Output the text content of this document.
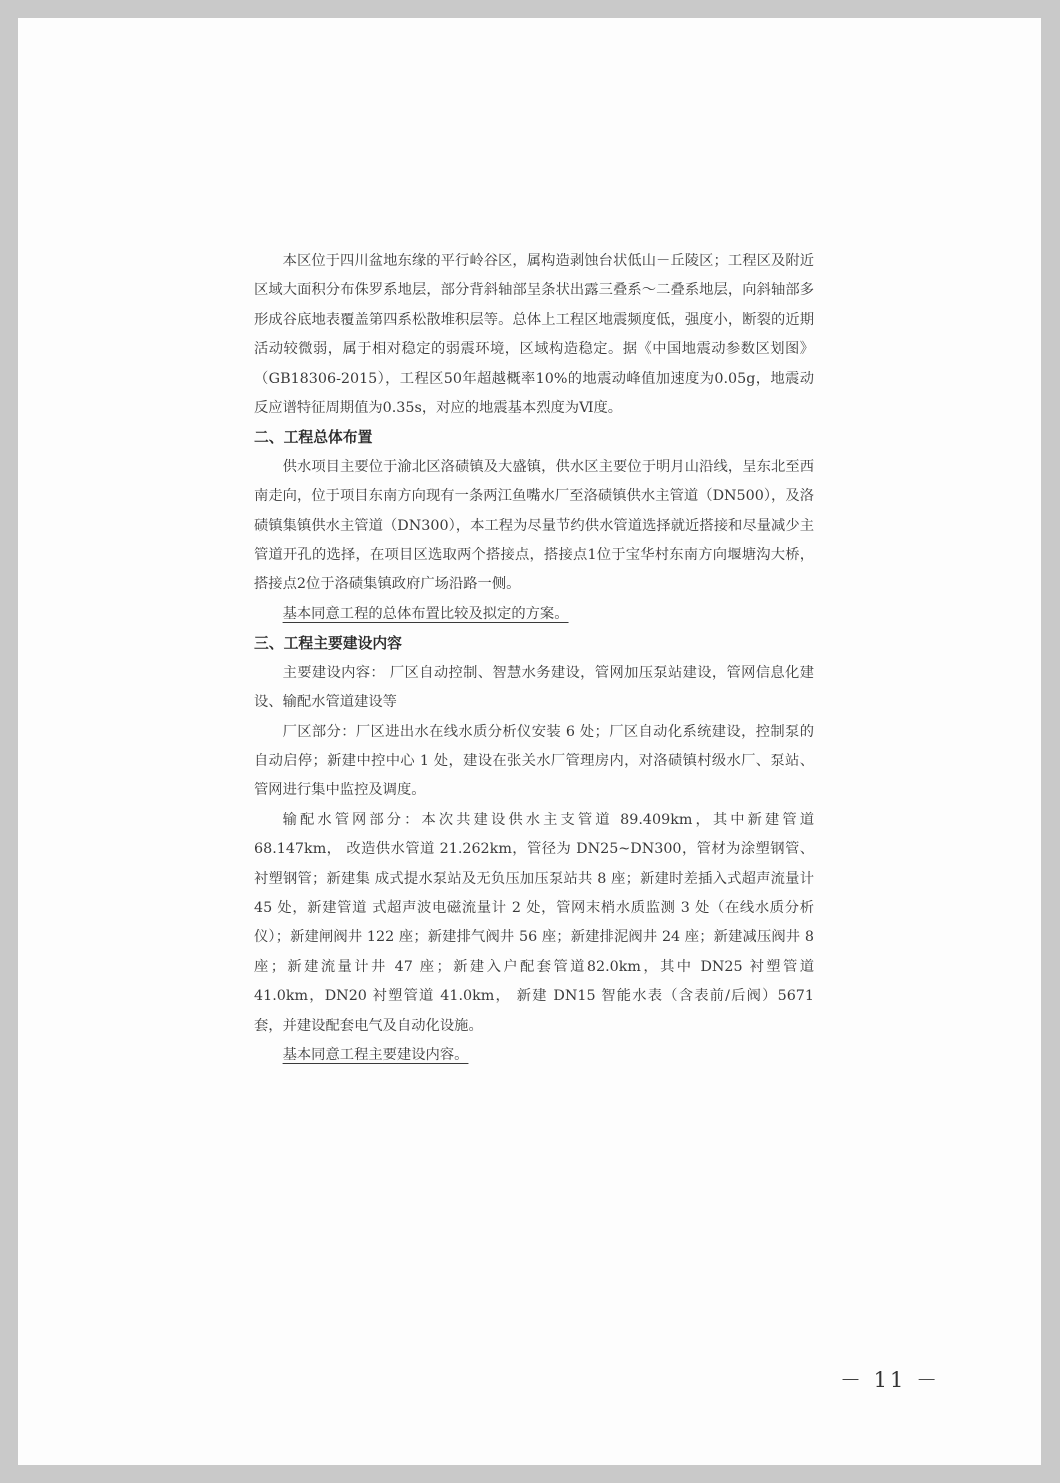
本区位于四川盆地东缘的平行岭谷区，属构造剥蚀台状低山－丘陵区；工程区及附近区域大面积分布侏罗系地层，部分背斜轴部呈条状出露三叠系～二叠系地层，向斜轴部多形成谷底地表覆盖第四系松散堆积层等。总体上工程区地震频度低，强度小，断裂的近期活动较微弱，属于相对稳定的弱震环境，区域构造稳定。据《中国地震动参数区划图》（GB18306-2015），工程区50年超越概率10%的地震动峰值加速度为0.05g，地震动反应谱特征周期值为0.35s，对应的地震基本烈度为Ⅵ度。

二、工程总体布置

供水项目主要位于渝北区洛碛镇及大盛镇，供水区主要位于明月山沿线，呈东北至西南走向，位于项目东南方向现有一条两江鱼嘴水厂至洛碛镇供水主管道（DN500），及洛碛镇集镇供水主管道（DN300），本工程为尽量节约供水管道选择就近搭接和尽量减少主管道开孔的选择，在项目区选取两个搭接点，搭接点1位于宝华村东南方向堰塘沟大桥，搭接点2位于洛碛集镇政府广场沿路一侧。

基本同意工程的总体布置比较及拟定的方案。

三、工程主要建设内容

主要建设内容： 厂区自动控制、智慧水务建设，管网加压泵站建设，管网信息化建设、输配水管道建设等

厂区部分：厂区进出水在线水质分析仪安装 6 处；厂区自动化系统建设，控制泵的 自动启停；新建中控中心 1 处，建设在张关水厂管理房内，对洛碛镇村级水厂、泵站、 管网进行集中监控及调度。

输配水管网部分：本次共建设供水主支管道 89.409km，其中新建管道68.147km， 改造供水管道 21.262km，管径为 DN25~DN300，管材为涂塑钢管、衬塑钢管；新建集 成式提水泵站及无负压加压泵站共 8 座；新建时差插入式超声流量计 45 处，新建管道 式超声波电磁流量计 2 处，管网末梢水质监测 3 处（在线水质分析仪）；新建闸阀井 122 座；新建排气阀井 56 座；新建排泥阀井 24 座；新建减压阀井 8 座；新建流量计井 47 座；新建入户配套管道82.0km，其中 DN25 衬塑管道 41.0km，DN20 衬塑管道 41.0km， 新建 DN15 智能水表（含表前/后阀）5671 套，并建设配套电气及自动化设施。

基本同意工程主要建设内容。

－ 11 －
